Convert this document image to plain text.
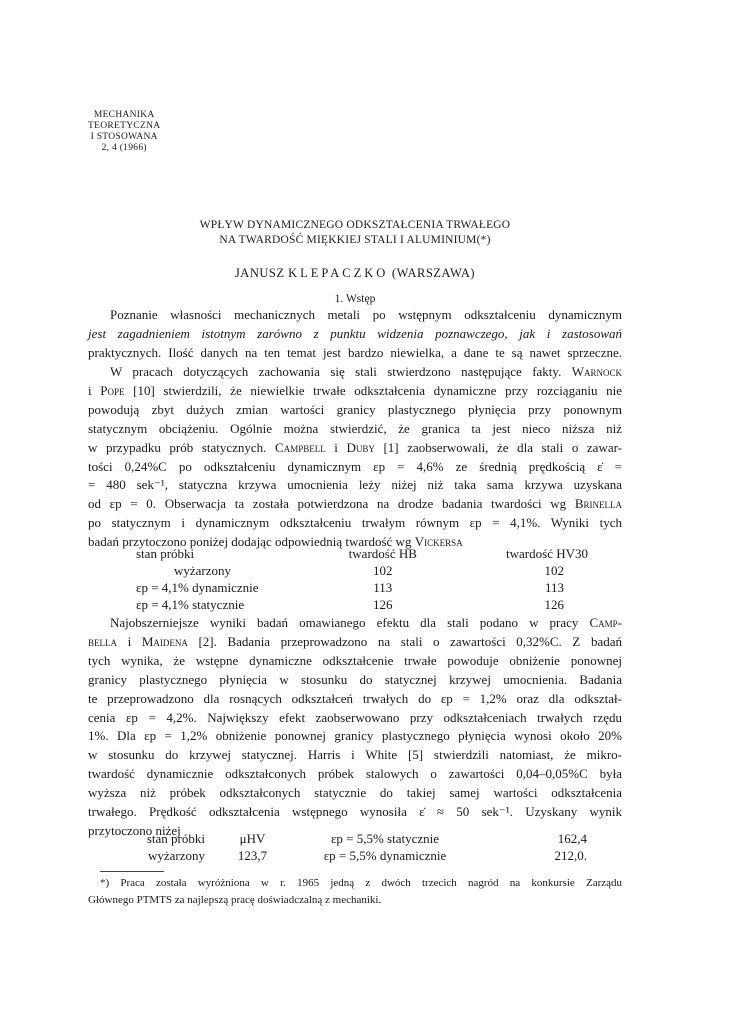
MECHANIKA
TEORETYCZNA
I STOSOWANA
2, 4 (1966)
WPŁYW DYNAMICZNEGO ODKSZTAŁCENIA TRWAŁEGO
NA TWARDOŚĆ MIĘKKIEJ STALI I ALUMINIUM(*)
JANUSZ KLEPACZKO (WARSZAWA)
1. Wstęp

Poznanie własności mechanicznych metali po wstępnym odkształceniu dynamicznym
jest zagadnieniem istotnym zarówno z punktu widzenia poznawczego, jak i zastosowań
praktycznych. Ilość danych na ten temat jest bardzo niewielka, a dane te są nawet sprzeczne.

W pracach dotyczących zachowania się stali stwierdzono następujące fakty. Warnock
i Pope [10] stwierdzili, że niewielkie trwałe odkształcenia dynamiczne przy rozciąganiu nie
powodują zbyt dużych zmian wartości granicy plastycznego płynięcia przy ponownym
statycznym obciążeniu. Ogólnie można stwierdzić, że granica ta jest nieco niższa niż
w przypadku prób statycznych. Campbell i Duby [1] zaobserwowali, że dla stali o zawar-
tości 0,24%C po odkształceniu dynamicznym εp = 4,6% ze średnią prędkością ε̇ =
= 480 sek⁻¹, statyczna krzywa umocnienia leży niżej niż taka sama krzywa uzyskana
od εp = 0. Obserwacja ta została potwierdzona na drodze badania twardości wg Brinella
po statycznym i dynamicznym odkształceniu trwałym równym εp = 4,1%. Wyniki tych
badań przytoczono poniżej dodając odpowiednią twardość wg Vickersa

stan próbki	twardość HB	twardość HV30
wyżarzony	102	102
εp = 4,1% dynamicznie	113	113
εp = 4,1% statycznie	126	126

Najobszerniejsze wyniki badań omawianego efektu dla stali podano w pracy Camp-
bella i Maidena [2]. Badania przeprowadzono na stali o zawartości 0,32%C. Z badań
tych wynika, że wstępne dynamiczne odkształcenie trwałe powoduje obniżenie ponownej
granicy plastycznego płynięcia w stosunku do statycznej krzywej umocnienia. Badania
te przeprowadzono dla rosnących odkształceń trwałych do εp = 1,2% oraz dla odkształ-
cenia εp = 4,2%. Największy efekt zaobserwowano przy odkształceniach trwałych rzędu
1%. Dla εp = 1,2% obniżenie ponownej granicy plastycznego płynięcia wynosi około 20%
w stosunku do krzywej statycznej. Harris i White [5] stwierdzili natomiast, że mikro-
twardość dynamicznie odkształconych próbek stalowych o zawartości 0,04–0,05%C była
wyższa niż próbek odkształconych statycznie do takiej samej wartości odkształcenia
trwałego. Prędkość odkształcenia wstępnego wynosiła ε̇ ≈ 50 sek⁻¹. Uzyskany wynik
przytoczono niżej

stan próbki	μHV	εp = 5,5% statycznie	162,4
wyżarzony	123,7	εp = 5,5% dynamicznie	212,0.
*) Praca została wyróżniona w r. 1965 jedną z dwóch trzecich nagród na konkursie Zarządu
Głównego PTMTS za najlepszą pracę doświadczalną z mechaniki.
